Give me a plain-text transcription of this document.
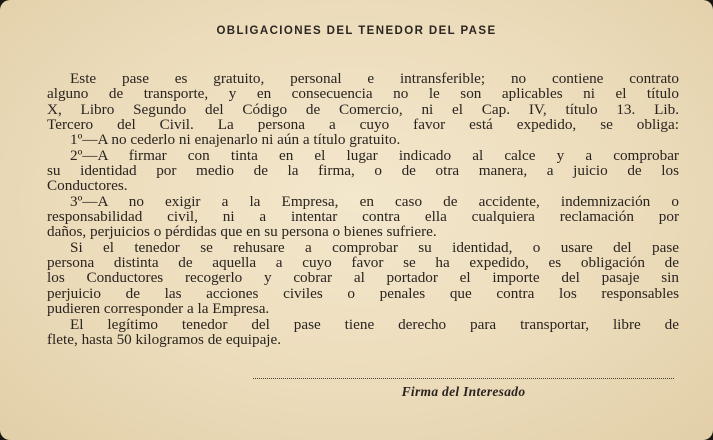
OBLIGACIONES DEL TENEDOR DEL PASE
Este pase es gratuito, personal e intransferible; no contiene contrato
alguno de transporte, y en consecuencia no le son aplicables ni el título
X, Libro Segundo del Código de Comercio, ni el Cap. IV, título 13. Lib.
Tercero del Civil. La persona a cuyo favor está expedido, se obliga:
1º—A no cederlo ni enajenarlo ni aún a título gratuito.
2º—A firmar con tinta en el lugar indicado al calce y a comprobar
su identidad por medio de la firma, o de otra manera, a juicio de los
Conductores.
3º—A no exigir a la Empresa, en caso de accidente, indemnización o
responsabilidad civil, ni a intentar contra ella cualquiera reclamación por
daños, perjuicios o pérdidas que en su persona o bienes sufriere.
Si el tenedor se rehusare a comprobar su identidad, o usare del pase
persona distinta de aquella a cuyo favor se ha expedido, es obligación de
los Conductores recogerlo y cobrar al portador el importe del pasaje sin
perjuicio de las acciones civiles o penales que contra los responsables
pudieren corresponder a la Empresa.
El legítimo tenedor del pase tiene derecho para transportar, libre de
flete, hasta 50 kilogramos de equipaje.
Firma del Interesado
